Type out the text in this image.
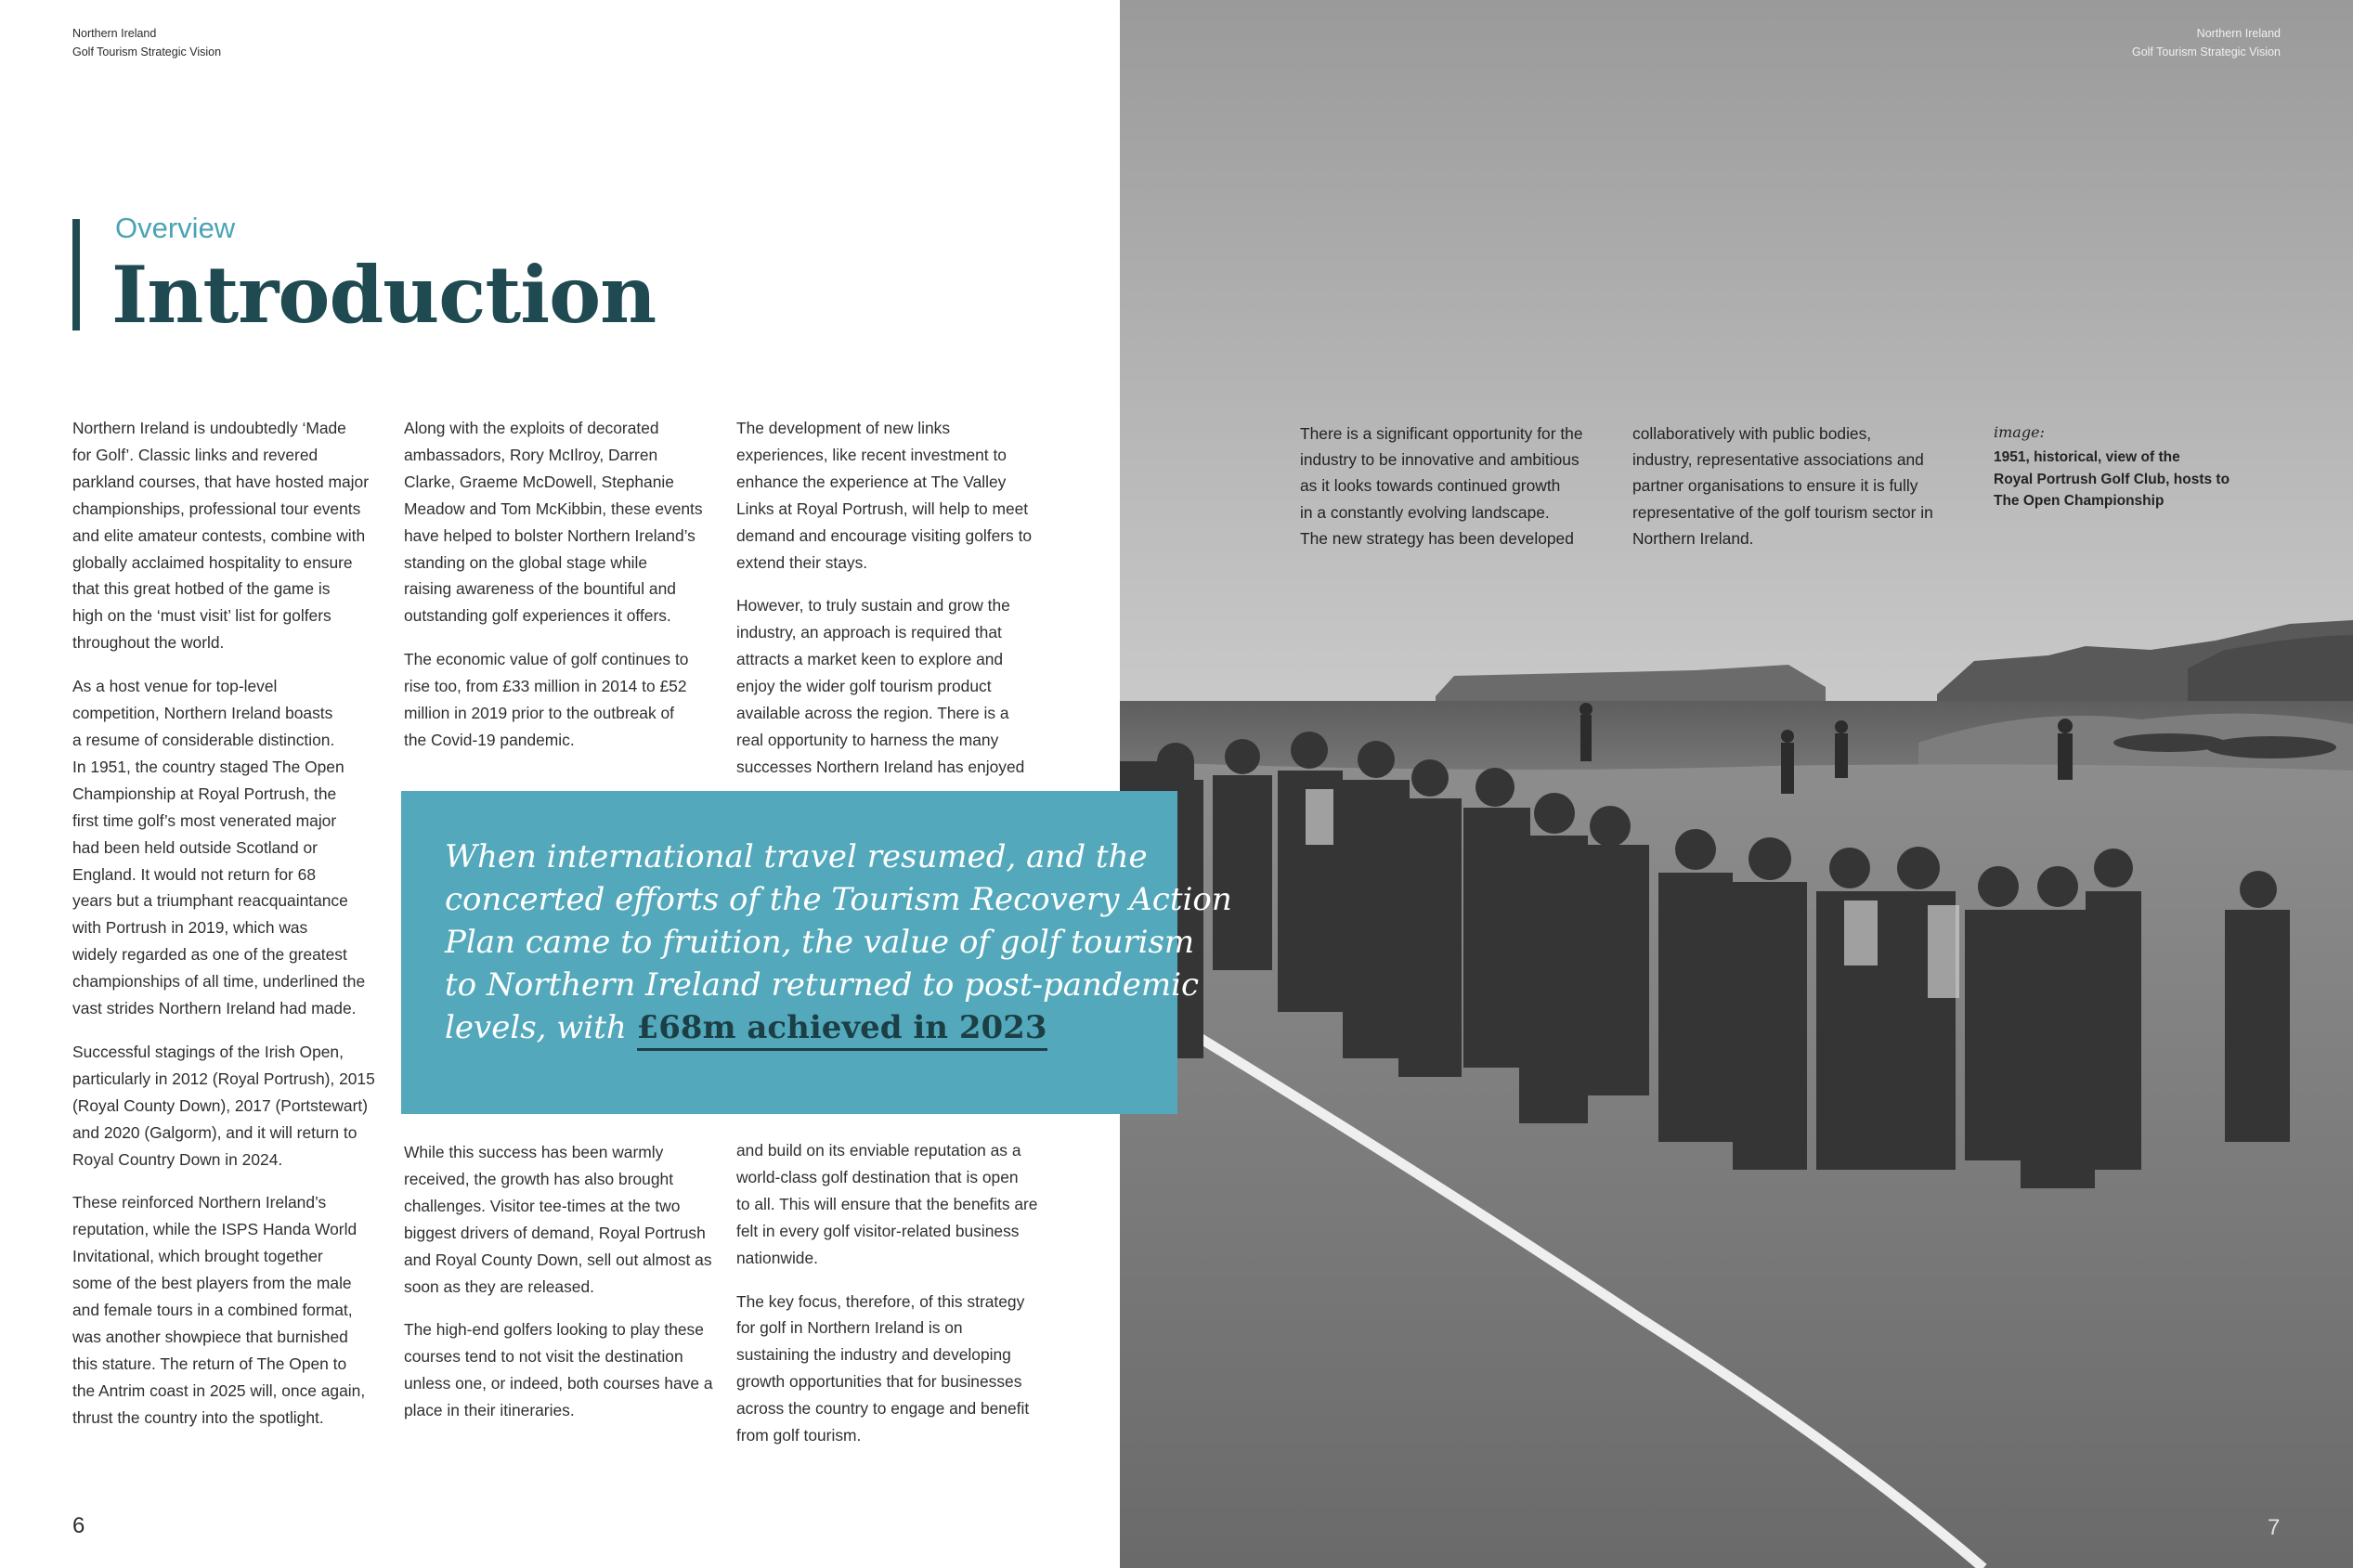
Northern Ireland
Golf Tourism Strategic Vision
Overview
Introduction

Northern Ireland is undoubtedly ‘Made
for Golf’. Classic links and revered
parkland courses, that have hosted major
championships, professional tour events
and elite amateur contests, combine with
globally acclaimed hospitality to ensure
that this great hotbed of the game is
high on the ‘must visit’ list for golfers
throughout the world.

As a host venue for top-level
competition, Northern Ireland boasts
a resume of considerable distinction.
In 1951, the country staged The Open
Championship at Royal Portrush, the
first time golf’s most venerated major
had been held outside Scotland or
England. It would not return for 68
years but a triumphant reacquaintance
with Portrush in 2019, which was
widely regarded as one of the greatest
championships of all time, underlined the
vast strides Northern Ireland had made.

Successful stagings of the Irish Open,
particularly in 2012 (Royal Portrush), 2015
(Royal County Down), 2017 (Portstewart)
and 2020 (Galgorm), and it will return to
Royal Country Down in 2024.

These reinforced Northern Ireland’s
reputation, while the ISPS Handa World
Invitational, which brought together
some of the best players from the male
and female tours in a combined format,
was another showpiece that burnished
this stature. The return of The Open to
the Antrim coast in 2025 will, once again,
thrust the country into the spotlight.

Along with the exploits of decorated
ambassadors, Rory McIlroy, Darren
Clarke, Graeme McDowell, Stephanie
Meadow and Tom McKibbin, these events
have helped to bolster Northern Ireland’s
standing on the global stage while
raising awareness of the bountiful and
outstanding golf experiences it offers.

The economic value of golf continues to
rise too, from £33 million in 2014 to £52
million in 2019 prior to the outbreak of
the Covid-19 pandemic.

The development of new links
experiences, like recent investment to
enhance the experience at The Valley
Links at Royal Portrush, will help to meet
demand and encourage visiting golfers to
extend their stays.

However, to truly sustain and grow the
industry, an approach is required that
attracts a market keen to explore and
enjoy the wider golf tourism product
available across the region. There is a
real opportunity to harness the many
successes Northern Ireland has enjoyed

There is a significant opportunity for the
industry to be innovative and ambitious
as it looks towards continued growth
in a constantly evolving landscape.
The new strategy has been developed
collaboratively with public bodies,
industry, representative associations and
partner organisations to ensure it is fully
representative of the golf tourism sector in
Northern Ireland.
image:
1951, historical, view of the
Royal Portrush Golf Club, hosts to
The Open Championship
Northern Ireland
Golf Tourism Strategic Vision
When international travel resumed, and the
concerted efforts of the Tourism Recovery Action
Plan came to fruition, the value of golf tourism
to Northern Ireland returned to post-pandemic
levels, with £68m achieved in 2023

While this success has been warmly
received, the growth has also brought
challenges. Visitor tee-times at the two
biggest drivers of demand, Royal Portrush
and Royal County Down, sell out almost as
soon as they are released.

The high-end golfers looking to play these
courses tend to not visit the destination
unless one, or indeed, both courses have a
place in their itineraries.

and build on its enviable reputation as a
world-class golf destination that is open
to all. This will ensure that the benefits are
felt in every golf visitor-related business
nationwide.

The key focus, therefore, of this strategy
for golf in Northern Ireland is on
sustaining the industry and developing
growth opportunities that for businesses
across the country to engage and benefit
from golf tourism.

6	7
